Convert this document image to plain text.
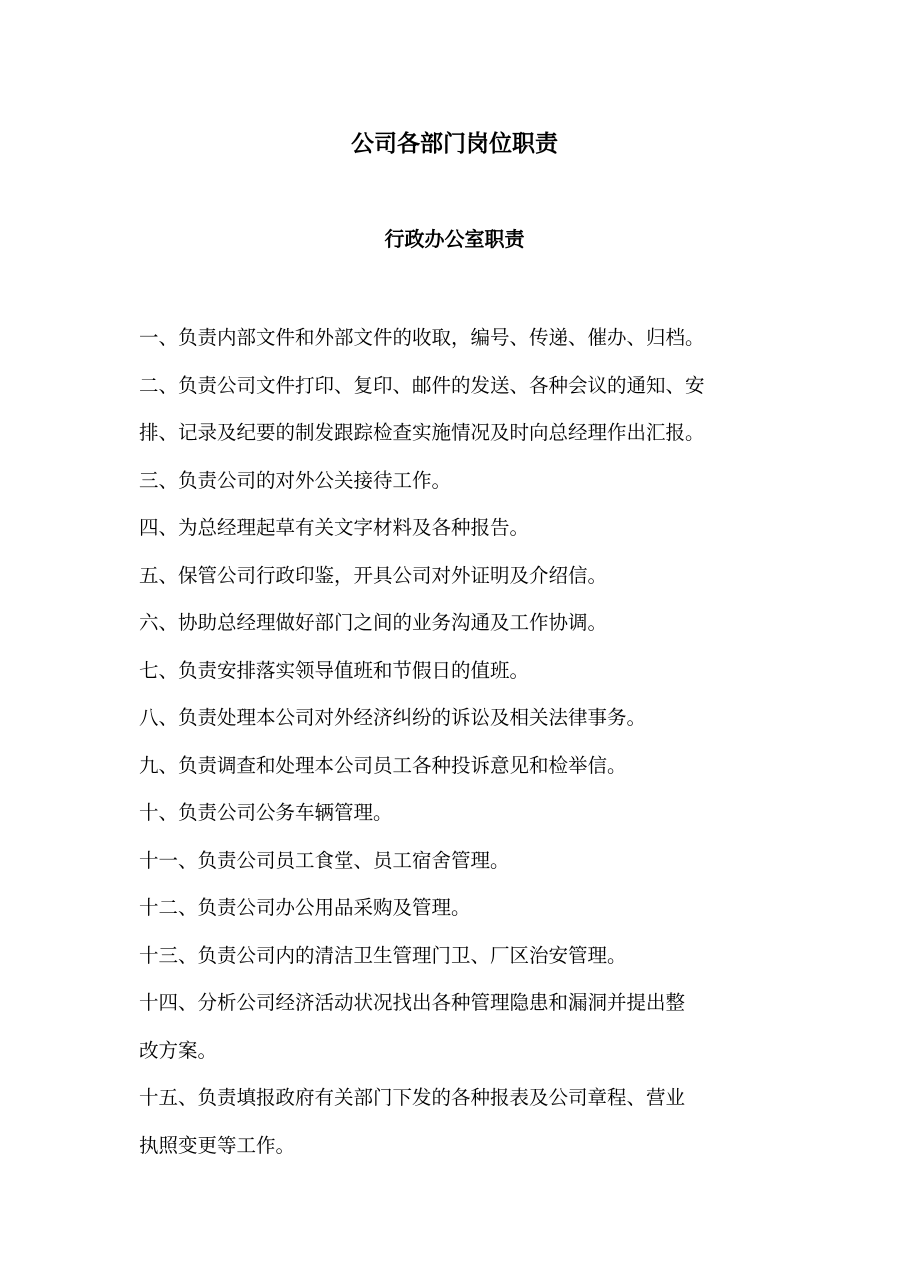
公司各部门岗位职责
行政办公室职责
一、负责内部文件和外部文件的收取，编号、传递、催办、归档。
二、负责公司文件打印、复印、邮件的发送、各种会议的通知、安
排、记录及纪要的制发跟踪检查实施情况及时向总经理作出汇报。
三、负责公司的对外公关接待工作。
四、为总经理起草有关文字材料及各种报告。
五、保管公司行政印鉴，开具公司对外证明及介绍信。
六、协助总经理做好部门之间的业务沟通及工作协调。
七、负责安排落实领导值班和节假日的值班。
八、负责处理本公司对外经济纠纷的诉讼及相关法律事务。
九、负责调查和处理本公司员工各种投诉意见和检举信。
十、负责公司公务车辆管理。
十一、负责公司员工食堂、员工宿舍管理。
十二、负责公司办公用品采购及管理。
十三、负责公司内的清洁卫生管理门卫、厂区治安管理。
十四、分析公司经济活动状况找出各种管理隐患和漏洞并提出整
改方案。
十五、负责填报政府有关部门下发的各种报表及公司章程、营业
执照变更等工作。
